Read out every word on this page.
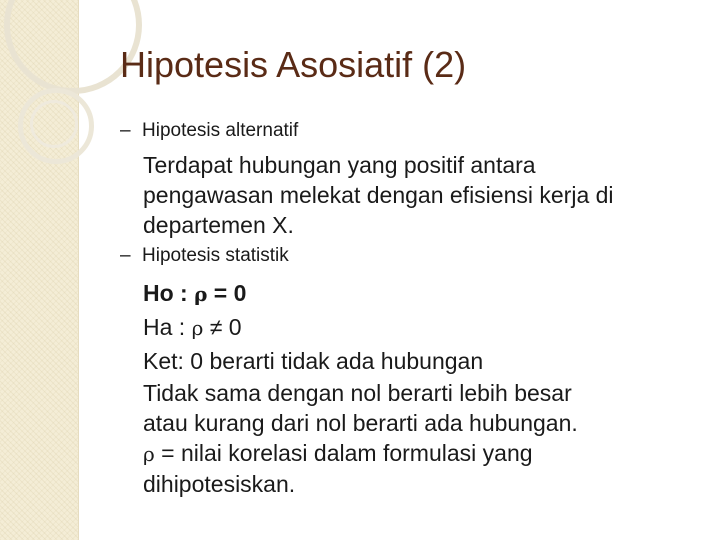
Hipotesis Asosiatif (2)
– Hipotesis alternatif
Terdapat hubungan yang positif antara
pengawasan melekat dengan efisiensi kerja di
departemen X.
– Hipotesis statistik
Ho : ρ = 0
Ha : ρ ≠ 0
Ket: 0 berarti tidak ada hubungan
Tidak sama dengan nol berarti lebih besar
atau kurang dari nol berarti ada hubungan.
ρ = nilai korelasi dalam formulasi yang
dihipotesiskan.
